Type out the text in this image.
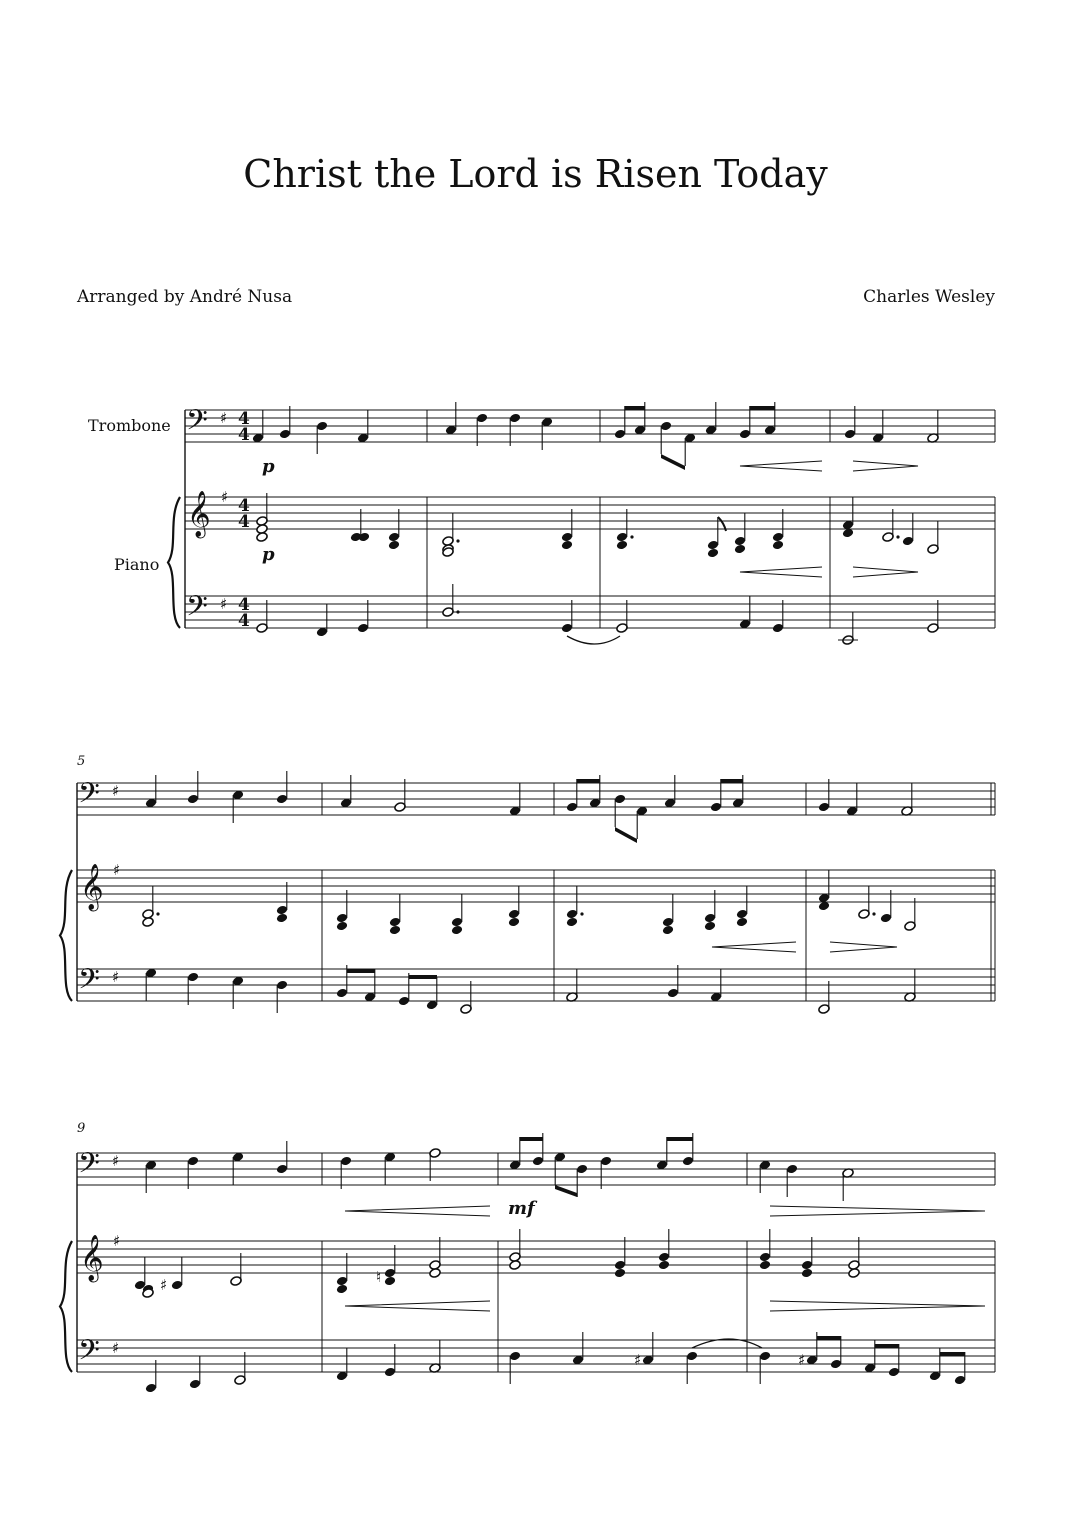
Christ the Lord is Risen Today
Arranged by André Nusa	Charles Wesley
Trombone
Piano
5
9
p
p
mf
𝄢
𝄞
𝄢
♯
♯
♯
4
4
4
4
4
4
𝄢
𝄞
𝄢
♯
♯
♯
𝄢
𝄞
𝄢
♯
♯
♯
♯	♮
♯	♯
